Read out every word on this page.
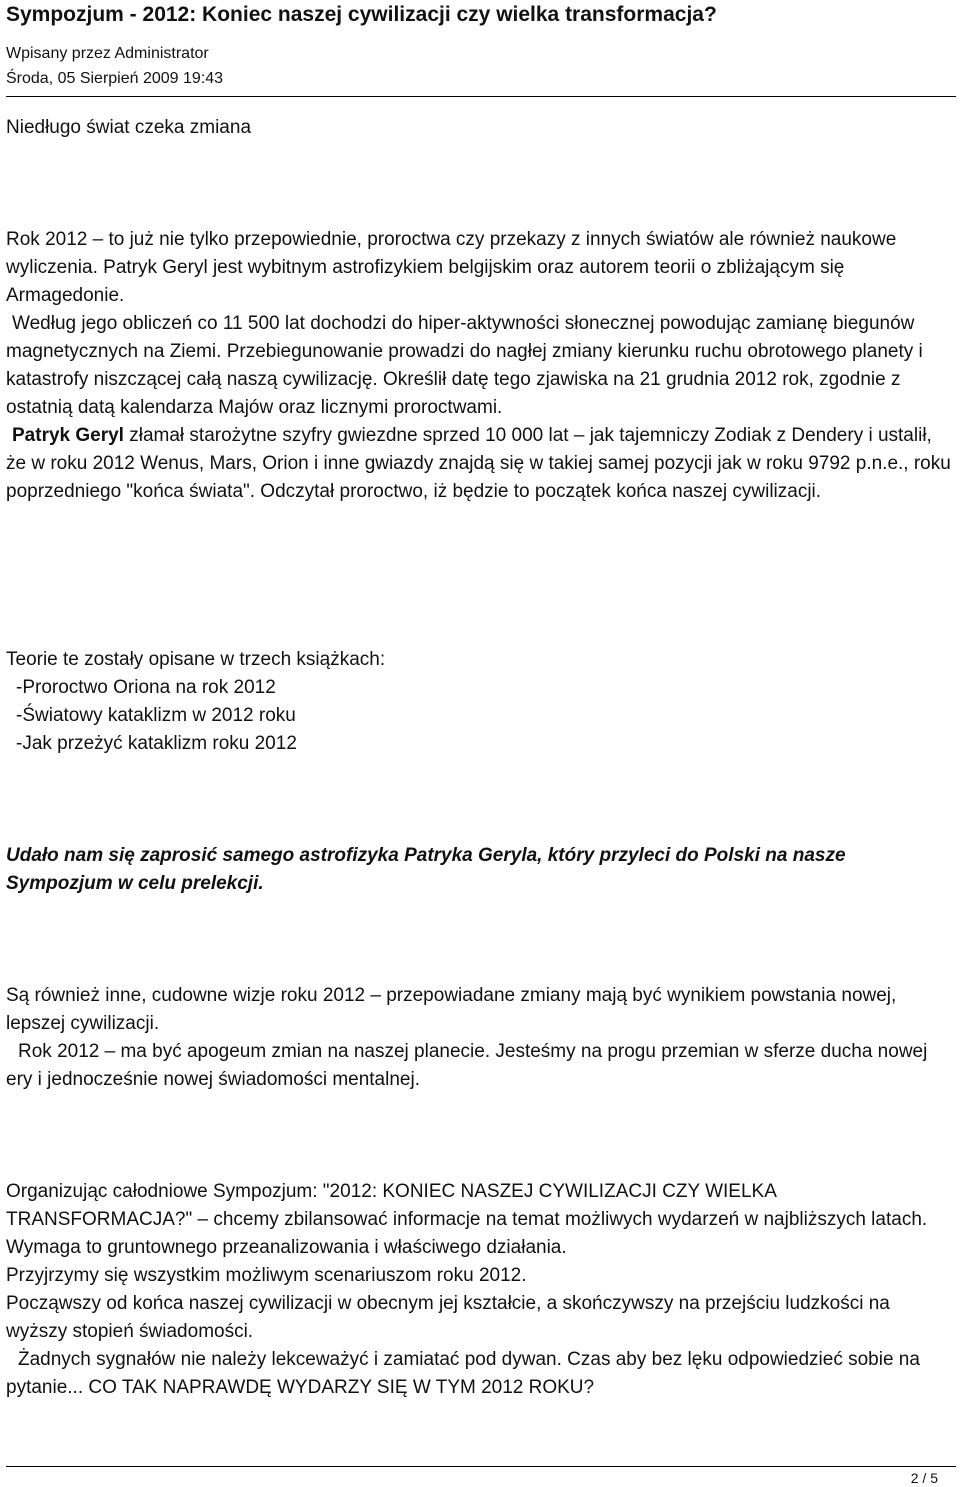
Sympozjum - 2012: Koniec naszej cywilizacji czy wielka transformacja?
Wpisany przez Administrator
Środa, 05 Sierpień 2009 19:43
Niedługo świat czeka zmiana

Rok 2012 – to już nie tylko przepowiednie, proroctwa czy przekazy z innych światów ale również naukowe wyliczenia. Patryk Geryl jest wybitnym astrofizykiem belgijskim oraz autorem teorii o zbliżającym się Armagedonie.

Według jego obliczeń co 11 500 lat dochodzi do hiper-aktywności słonecznej powodując zamianę biegunów magnetycznych na Ziemi. Przebiegunowanie prowadzi do nagłej zmiany kierunku ruchu obrotowego planety i katastrofy niszczącej całą naszą cywilizację. Określił datę tego zjawiska na 21 grudnia 2012 rok, zgodnie z ostatnią datą kalendarza Majów oraz licznymi proroctwami.

Patryk Geryl złamał starożytne szyfry gwiezdne sprzed 10 000 lat – jak tajemniczy Zodiak z Dendery i ustalił, że w roku 2012 Wenus, Mars, Orion i inne gwiazdy znajdą się w takiej samej pozycji jak w roku 9792 p.n.e., roku poprzedniego "końca świata". Odczytał proroctwo, iż będzie to początek końca naszej cywilizacji.

Teorie te zostały opisane w trzech książkach:

-Proroctwo Oriona na rok 2012

-Światowy kataklizm w 2012 roku

-Jak przeżyć kataklizm roku 2012

Udało nam się zaprosić samego astrofizyka Patryka Geryla, który przyleci do Polski na nasze Sympozjum w celu prelekcji.

Są również inne, cudowne wizje roku 2012 – przepowiadane zmiany mają być wynikiem powstania nowej, lepszej cywilizacji.

Rok 2012 – ma być apogeum zmian na naszej planecie. Jesteśmy na progu przemian w sferze ducha nowej ery i jednocześnie nowej świadomości mentalnej.

Organizując całodniowe Sympozjum: "2012: KONIEC NASZEJ CYWILIZACJI CZY WIELKA TRANSFORMACJA?" – chcemy zbilansować informacje na temat możliwych wydarzeń w najbliższych latach. Wymaga to gruntownego przeanalizowania i właściwego działania.

Przyjrzymy się wszystkim możliwym scenariuszom roku 2012.

Począwszy od końca naszej cywilizacji w obecnym jej kształcie, a skończywszy na przejściu ludzkości na wyższy stopień świadomości.

Żadnych sygnałów nie należy lekceważyć i zamiatać pod dywan. Czas aby bez lęku odpowiedzieć sobie na pytanie... CO TAK NAPRAWDĘ WYDARZY SIĘ W TYM 2012 ROKU?

2 / 5
